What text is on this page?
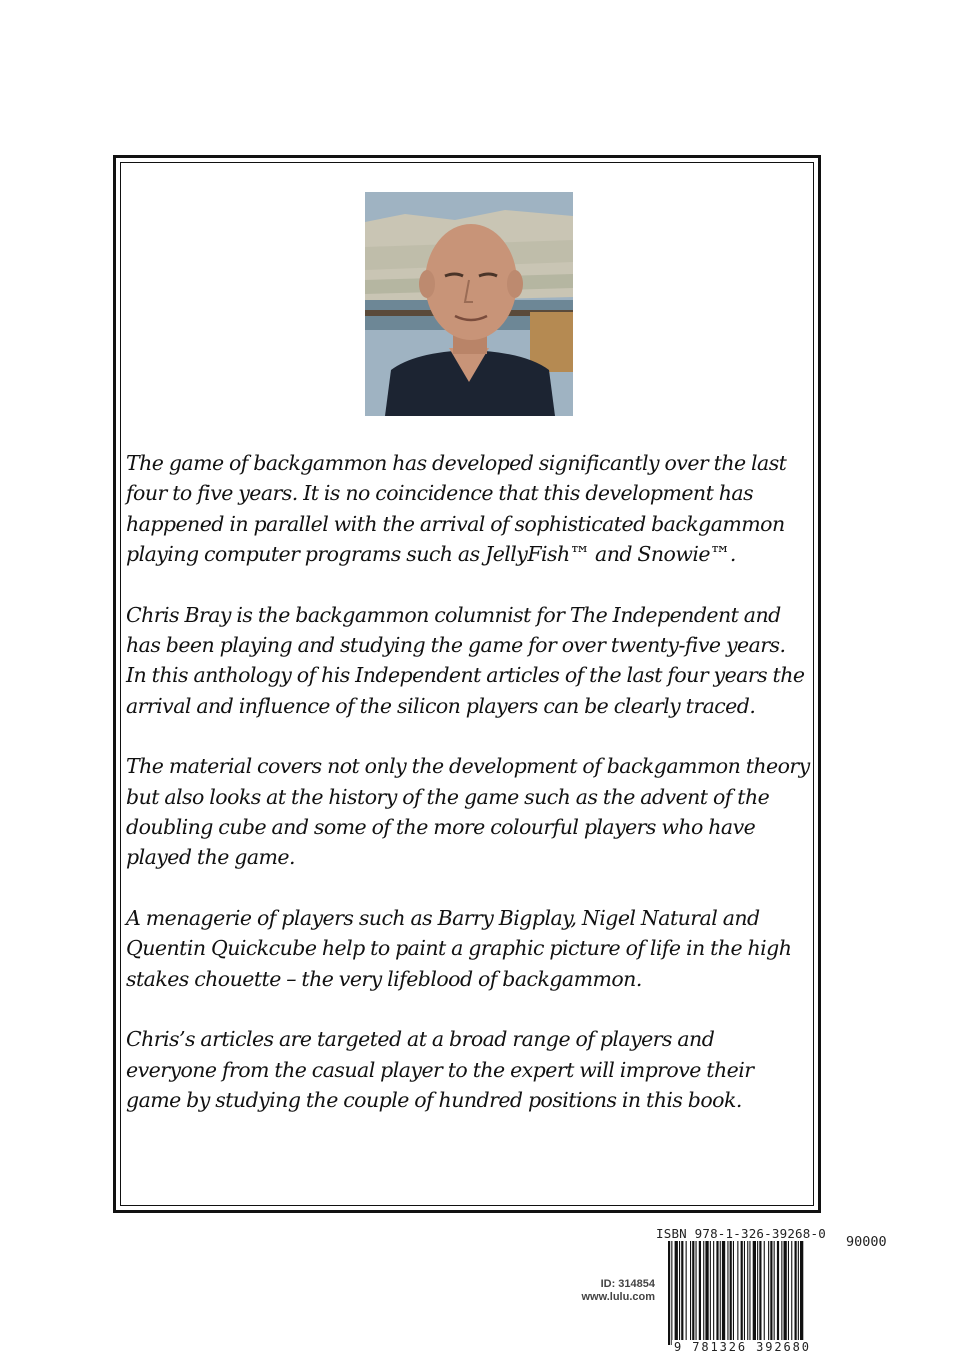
The game of backgammon has developed significantly over the last four to five years. It is no coincidence that this development has happened in parallel with the arrival of sophisticated backgammon playing computer programs such as JellyFish™ and Snowie™.

Chris Bray is the backgammon columnist for The Independent and has been playing and studying the game for over twenty-five years. In this anthology of his Independent articles of the last four years the arrival and influence of the silicon players can be clearly traced.

The material covers not only the development of backgammon theory but also looks at the history of the game such as the advent of the doubling cube and some of the more colourful players who have played the game.

A menagerie of players such as Barry Bigplay, Nigel Natural and Quentin Quickcube help to paint a graphic picture of life in the high stakes chouette – the very lifeblood of backgammon.

Chris’s articles are targeted at a broad range of players and everyone from the casual player to the expert will improve their game by studying the couple of hundred positions in this book.

ID: 314854
www.lulu.com
ISBN 978-1-326-39268-0
90000
9 781326 392680
